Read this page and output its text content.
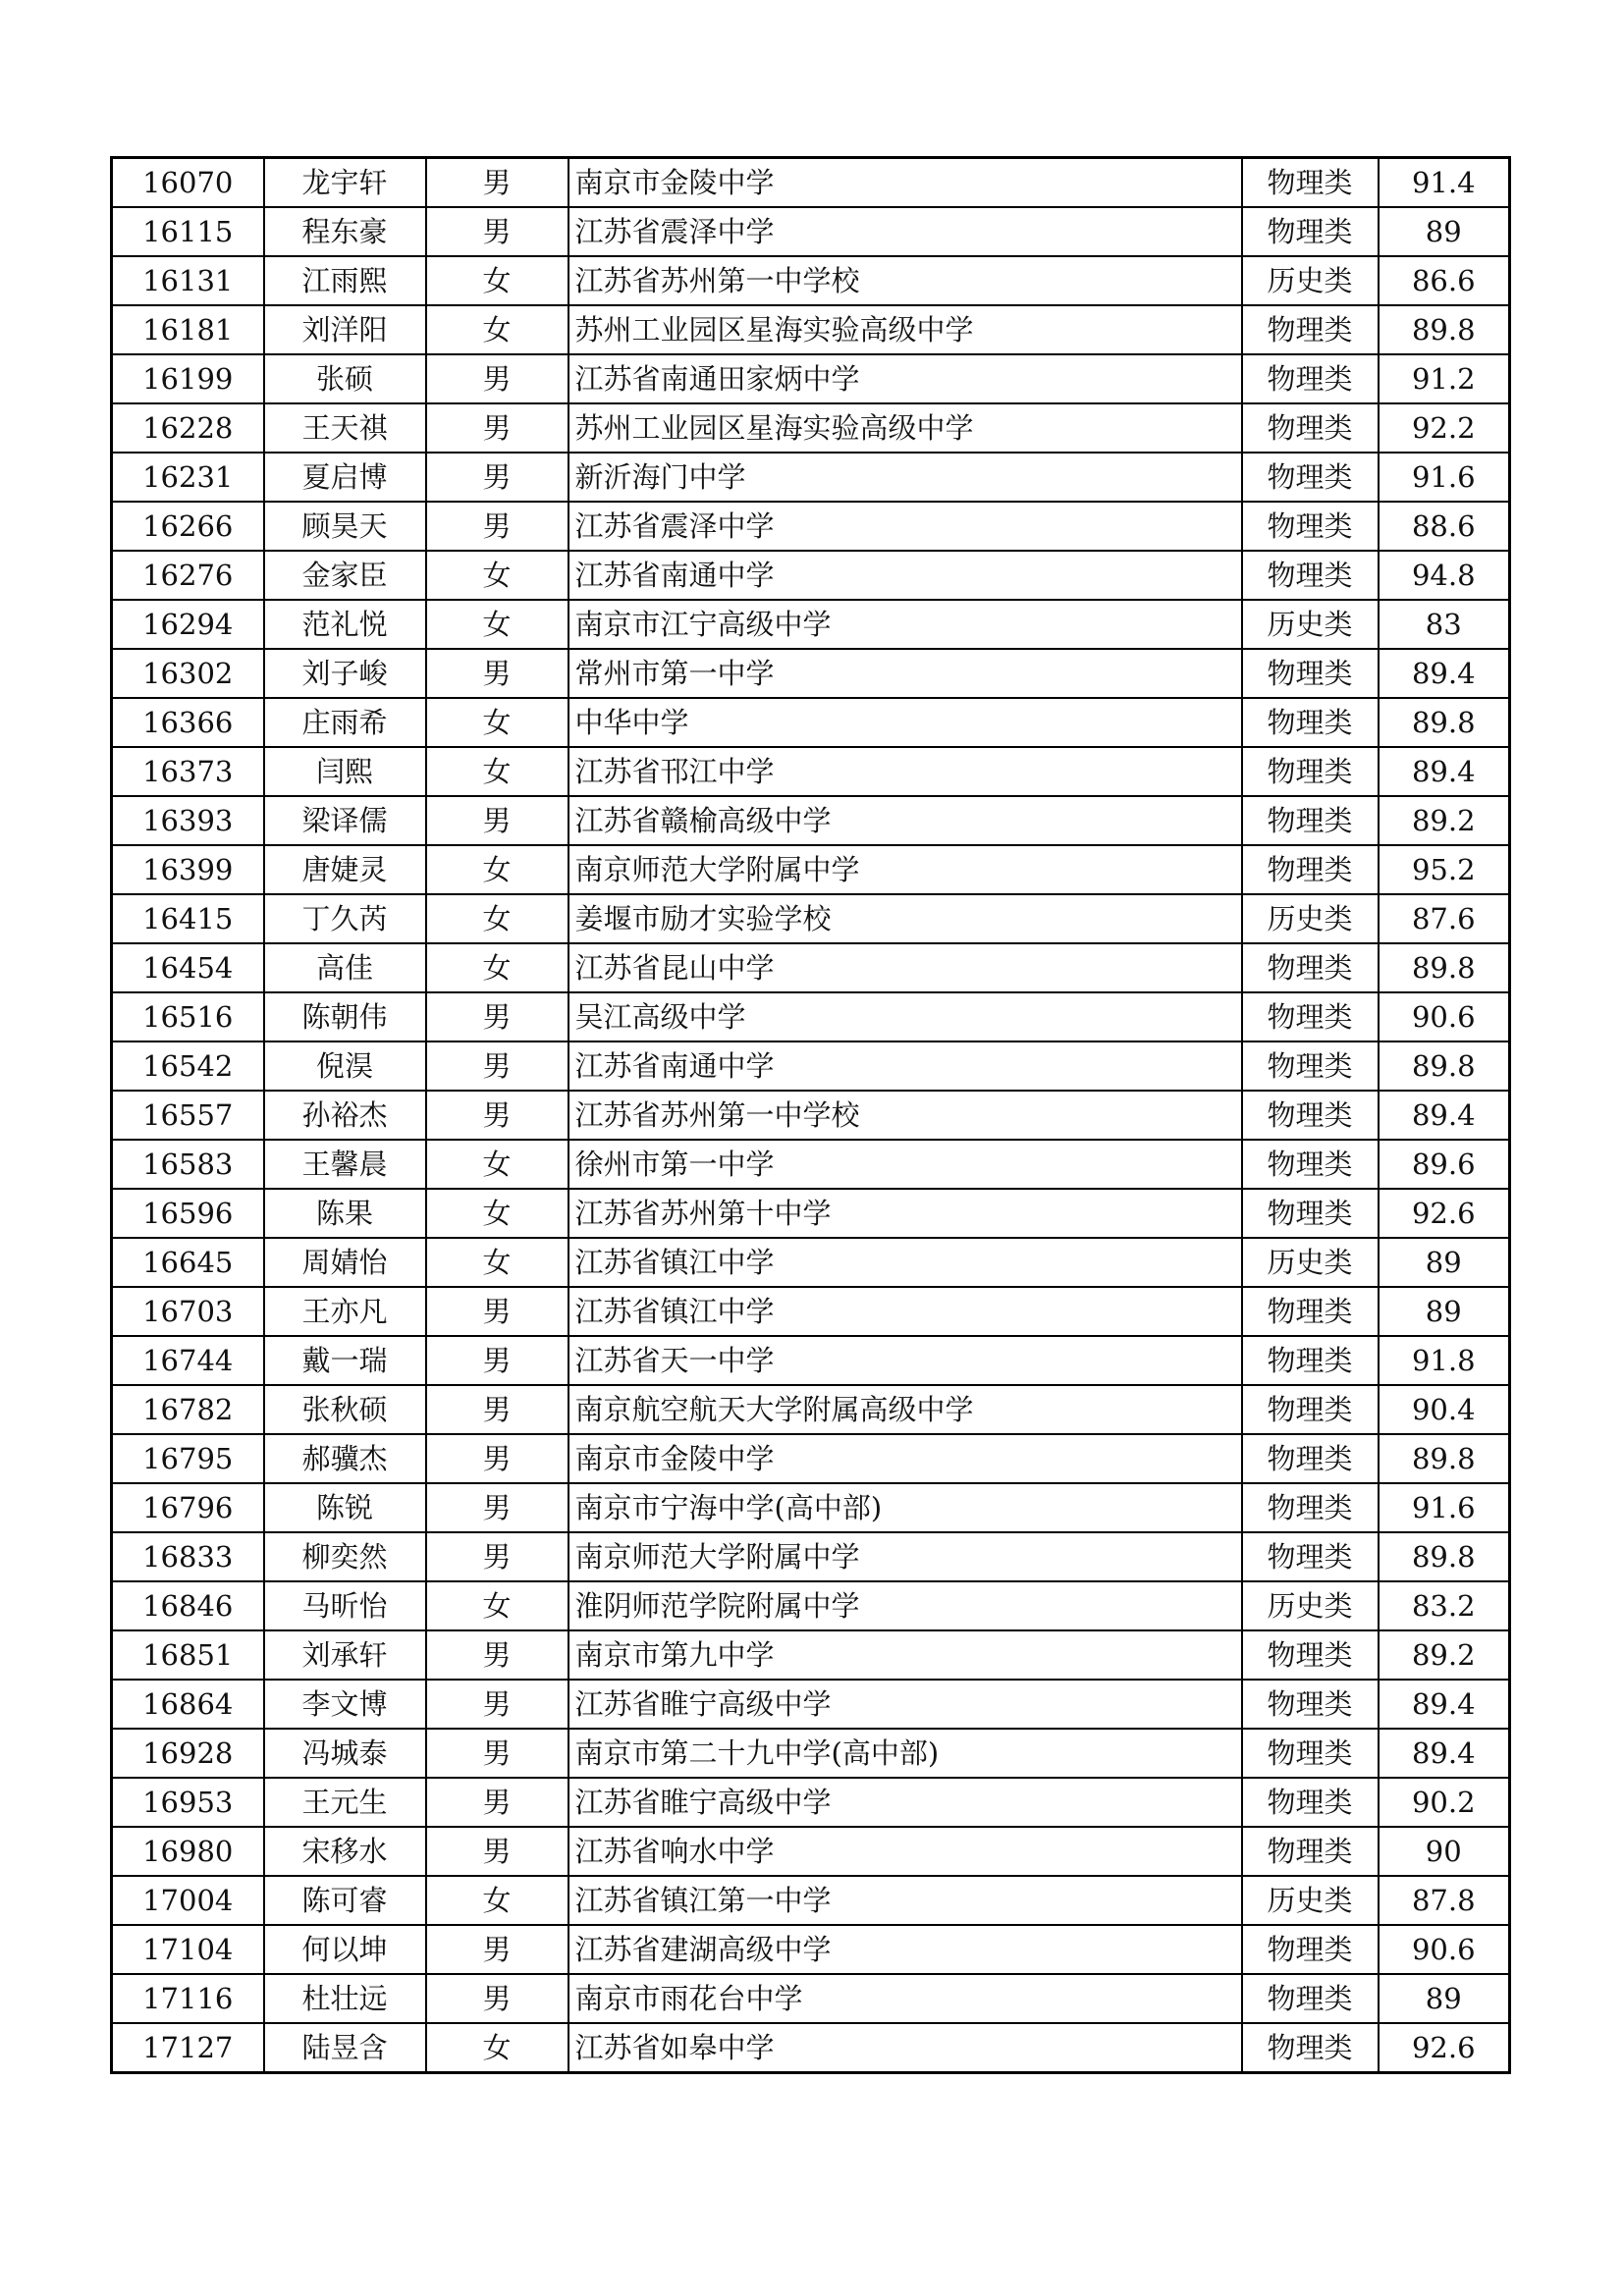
16070	龙宇轩	男	南京市金陵中学	物理类	91.4
16115	程东豪	男	江苏省震泽中学	物理类	89
16131	江雨熙	女	江苏省苏州第一中学校	历史类	86.6
16181	刘洋阳	女	苏州工业园区星海实验高级中学	物理类	89.8
16199	张硕	男	江苏省南通田家炳中学	物理类	91.2
16228	王天祺	男	苏州工业园区星海实验高级中学	物理类	92.2
16231	夏启博	男	新沂海门中学	物理类	91.6
16266	顾昊天	男	江苏省震泽中学	物理类	88.6
16276	金家臣	女	江苏省南通中学	物理类	94.8
16294	范礼悦	女	南京市江宁高级中学	历史类	83
16302	刘子峻	男	常州市第一中学	物理类	89.4
16366	庄雨希	女	中华中学	物理类	89.8
16373	闫熙	女	江苏省邗江中学	物理类	89.4
16393	梁译儒	男	江苏省赣榆高级中学	物理类	89.2
16399	唐婕灵	女	南京师范大学附属中学	物理类	95.2
16415	丁久芮	女	姜堰市励才实验学校	历史类	87.6
16454	高佳	女	江苏省昆山中学	物理类	89.8
16516	陈朝伟	男	吴江高级中学	物理类	90.6
16542	倪淏	男	江苏省南通中学	物理类	89.8
16557	孙裕杰	男	江苏省苏州第一中学校	物理类	89.4
16583	王馨晨	女	徐州市第一中学	物理类	89.6
16596	陈果	女	江苏省苏州第十中学	物理类	92.6
16645	周婧怡	女	江苏省镇江中学	历史类	89
16703	王亦凡	男	江苏省镇江中学	物理类	89
16744	戴一瑞	男	江苏省天一中学	物理类	91.8
16782	张秋硕	男	南京航空航天大学附属高级中学	物理类	90.4
16795	郝骥杰	男	南京市金陵中学	物理类	89.8
16796	陈锐	男	南京市宁海中学(高中部)	物理类	91.6
16833	柳奕然	男	南京师范大学附属中学	物理类	89.8
16846	马昕怡	女	淮阴师范学院附属中学	历史类	83.2
16851	刘承轩	男	南京市第九中学	物理类	89.2
16864	李文博	男	江苏省睢宁高级中学	物理类	89.4
16928	冯城泰	男	南京市第二十九中学(高中部)	物理类	89.4
16953	王元生	男	江苏省睢宁高级中学	物理类	90.2
16980	宋移水	男	江苏省响水中学	物理类	90
17004	陈可睿	女	江苏省镇江第一中学	历史类	87.8
17104	何以坤	男	江苏省建湖高级中学	物理类	90.6
17116	杜壮远	男	南京市雨花台中学	物理类	89
17127	陆昱含	女	江苏省如皋中学	物理类	92.6
